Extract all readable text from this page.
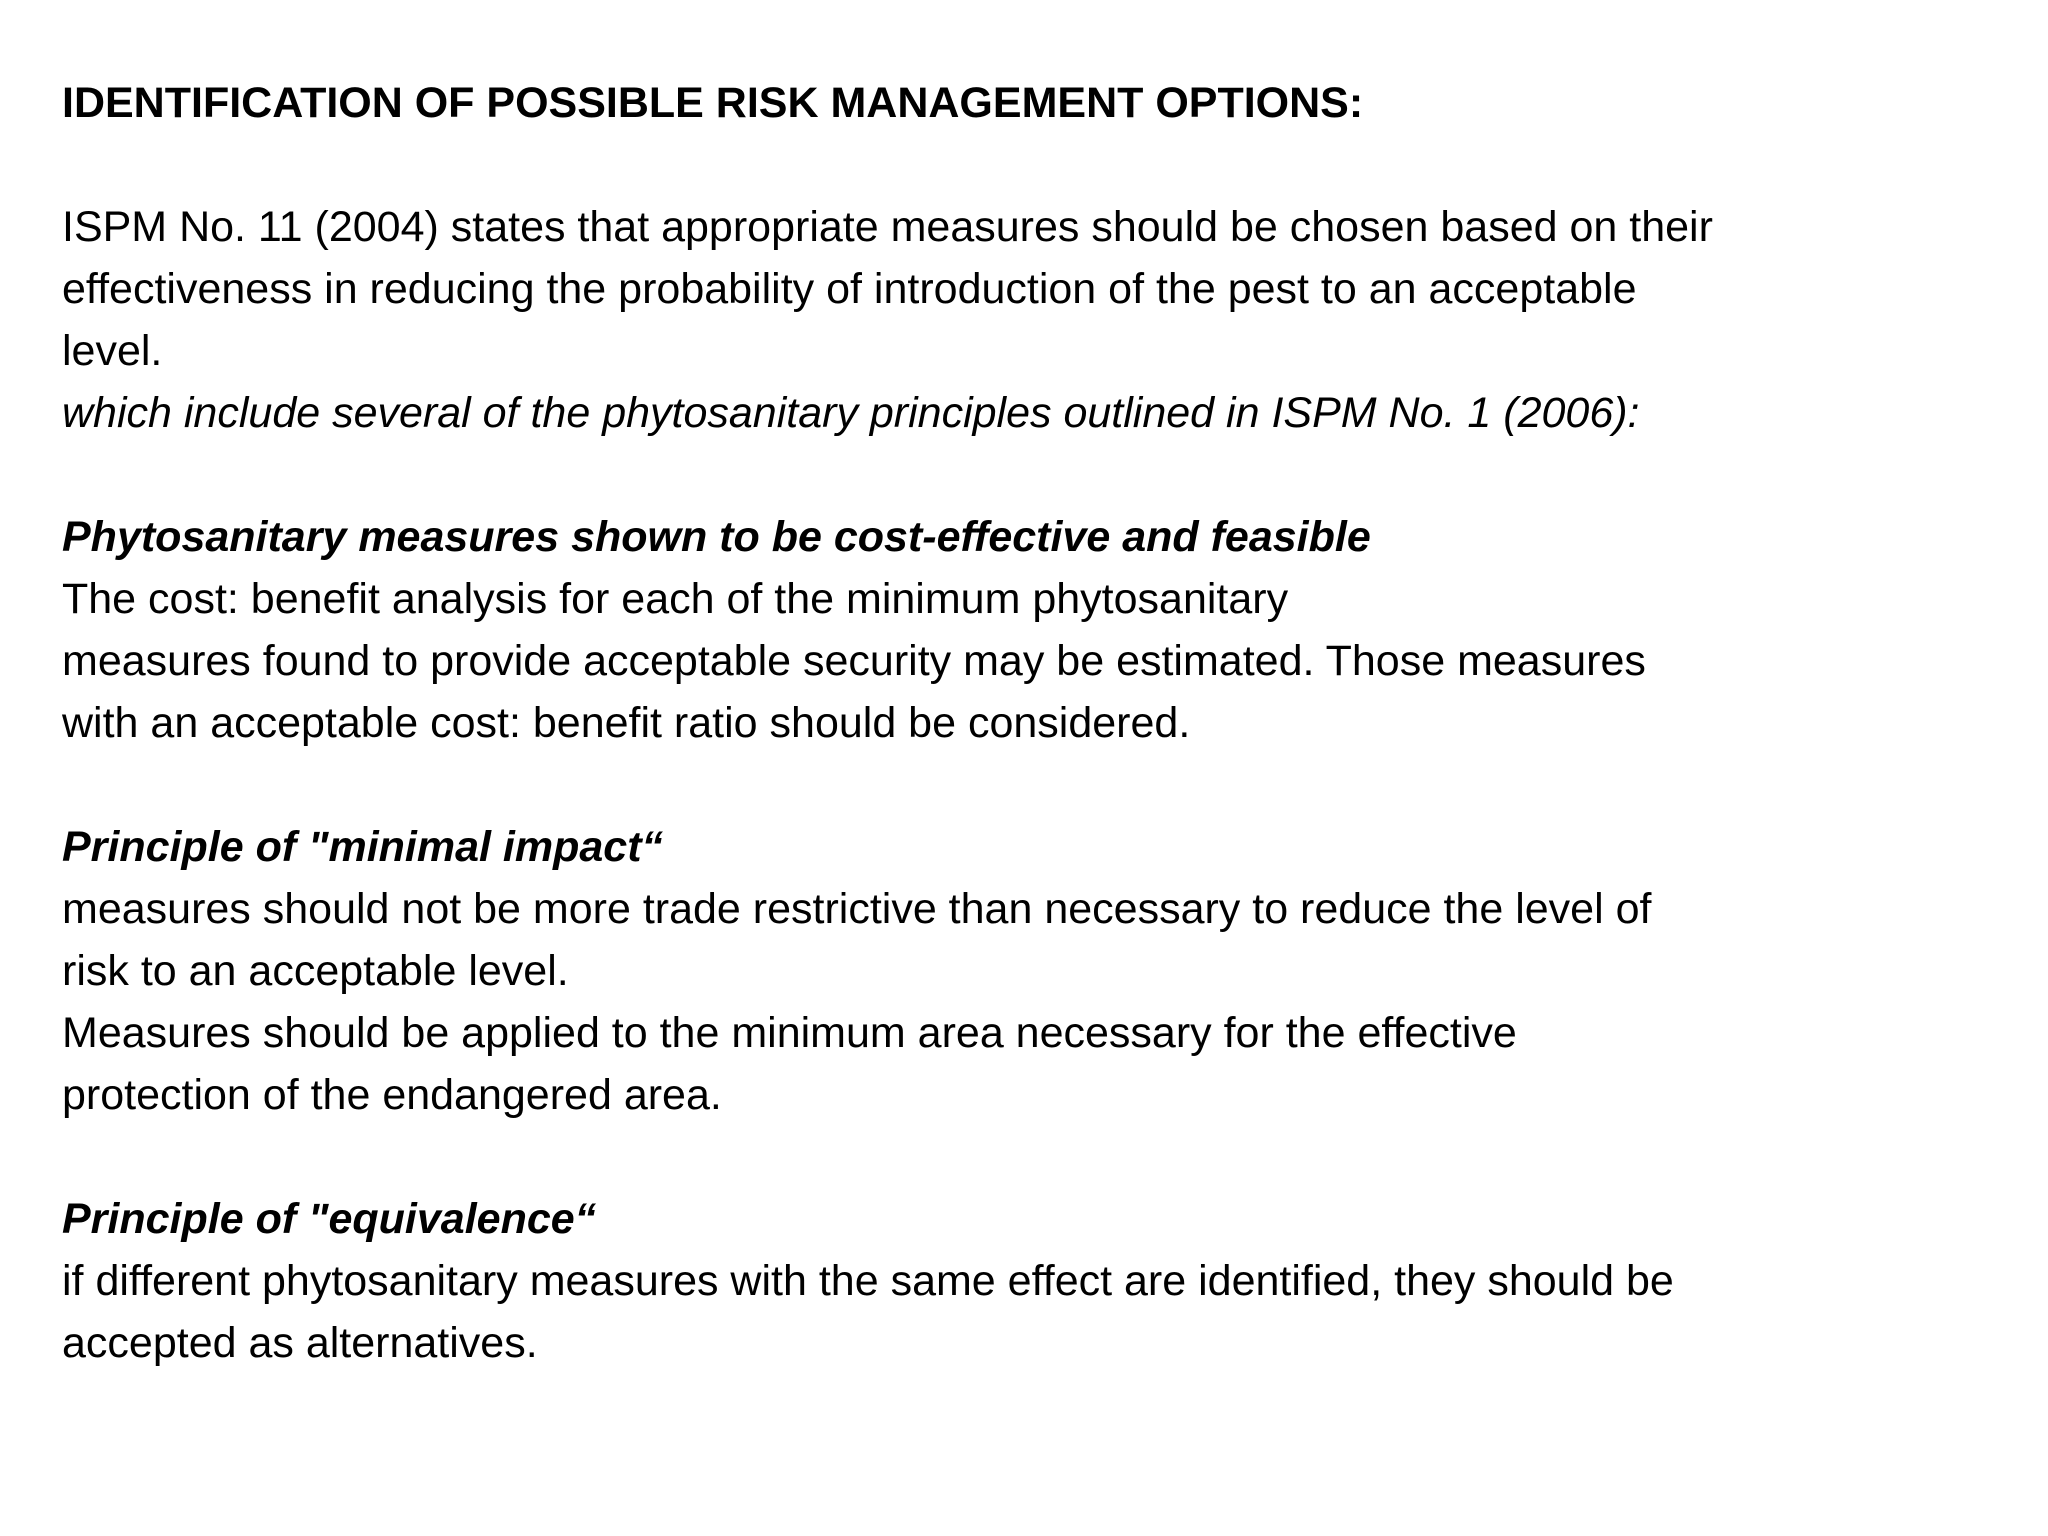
IDENTIFICATION OF POSSIBLE RISK MANAGEMENT OPTIONS:
ISPM No. 11 (2004) states that appropriate measures should be chosen based on their
effectiveness in reducing the probability of introduction of the pest to an acceptable
level.
which include several of the phytosanitary principles outlined in ISPM No. 1 (2006):
Phytosanitary measures shown to be cost-effective and feasible
The cost: benefit analysis for each of the minimum phytosanitary
measures found to provide acceptable security may be estimated. Those measures
with an acceptable cost: benefit ratio should be considered.
Principle of "minimal impact“
measures should not be more trade restrictive than necessary to reduce the level of
risk to an acceptable level.
Measures should be applied to the minimum area necessary for the effective
protection of the endangered area.
Principle of "equivalence“
if different phytosanitary measures with the same effect are identified, they should be
accepted as alternatives.
